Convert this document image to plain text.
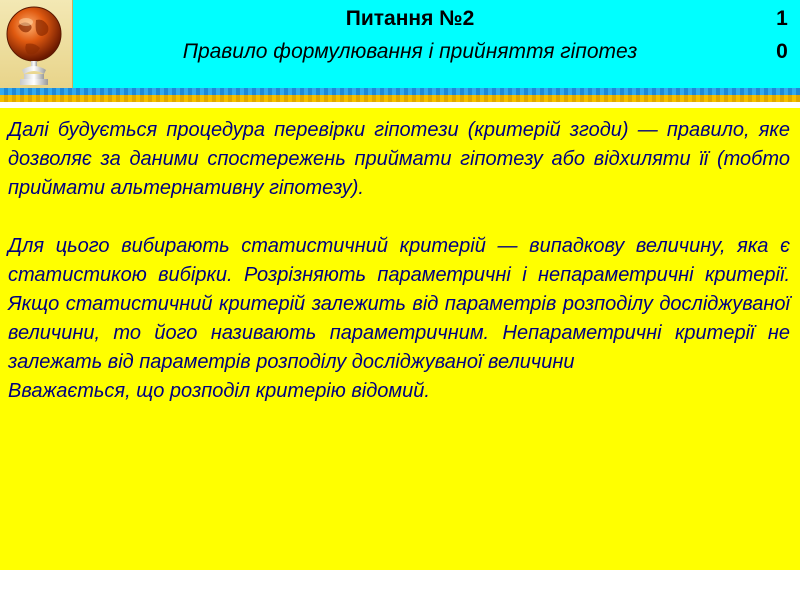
Питання №2
Правило формулювання і прийняття гіпотез
1
0

Далі будується процедура перевірки гіпотези (критерій згоди) — правило, яке дозволяє за даними спостережень приймати гіпотезу або відхиляти її (тобто приймати альтернативну гіпотезу).

Для цього вибирають статистичний критерій — випадкову величину, яка є статистикою вибірки. Розрізняють параметричні і непараметричні критерії. Якщо статистичний критерій залежить від параметрів розподілу досліджуваної величини, то його називають параметричним. Непараметричні критерії не залежать від параметрів розподілу досліджуваної величини

Вважається, що розподіл критерію відомий.
